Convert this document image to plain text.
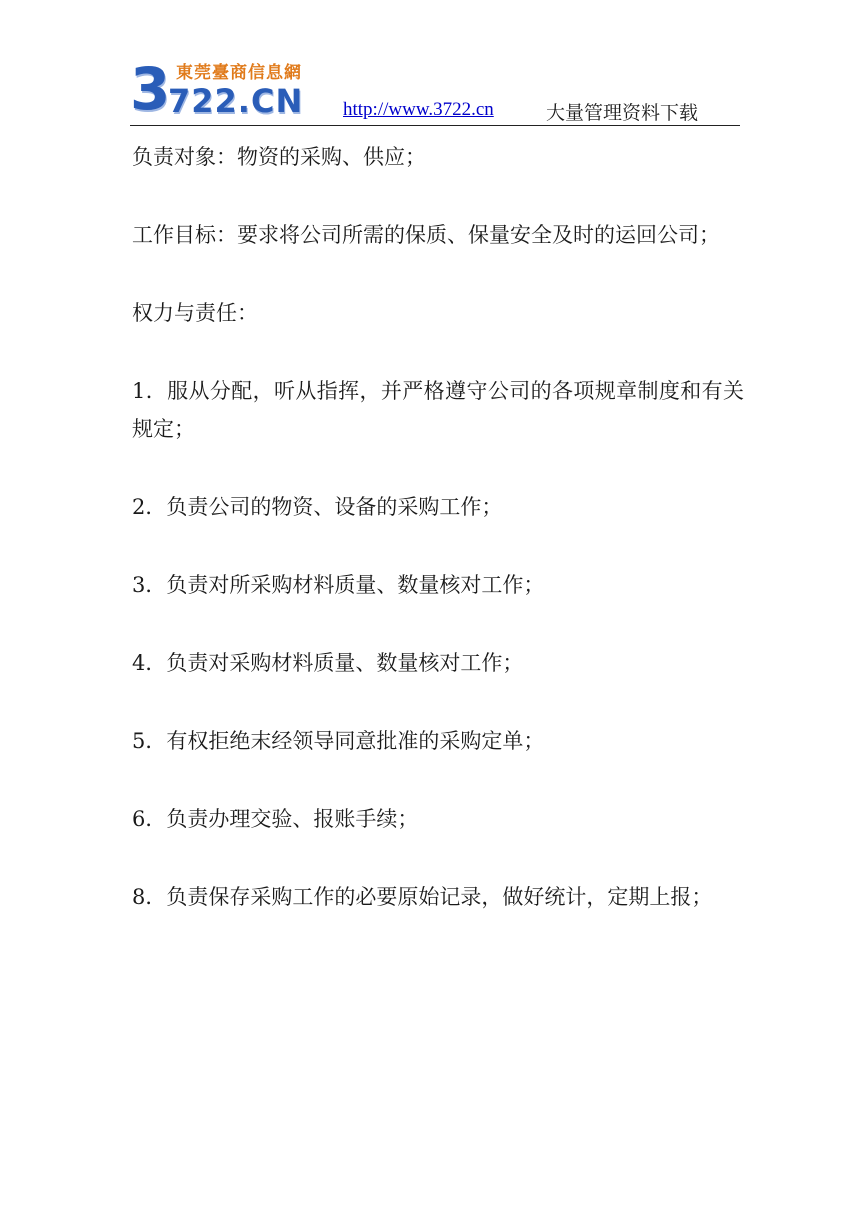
3 東莞臺商信息網
722.CN http://www.3722.cn	大量管理资料下载

负责对象：物资的采购、供应；

工作目标：要求将公司所需的保质、保量安全及时的运回公司；

权力与责任：

1．服从分配，听从指挥，并严格遵守公司的各项规章制度和有关规定；

2．负责公司的物资、设备的采购工作；

3．负责对所采购材料质量、数量核对工作；

4．负责对采购材料质量、数量核对工作；

5．有权拒绝末经领导同意批准的采购定单；

6．负责办理交验、报账手续；

8．负责保存采购工作的必要原始记录，做好统计，定期上报；
